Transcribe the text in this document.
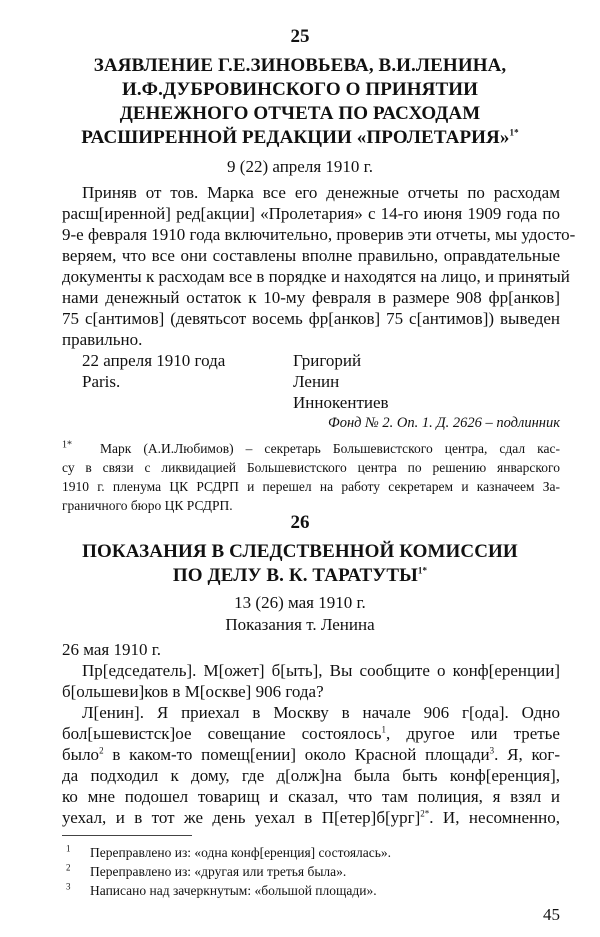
25
ЗАЯВЛЕНИЕ Г.Е.ЗИНОВЬЕВА, В.И.ЛЕНИНА,
И.Ф.ДУБРОВИНСКОГО О ПРИНЯТИИ
ДЕНЕЖНОГО ОТЧЕТА ПО РАСХОДАМ
РАСШИРЕННОЙ РЕДАКЦИИ «ПРОЛЕТАРИЯ»$^{1*}$
9 (22) апреля 1910 г.
Приняв от тов. Марка все его денежные отчеты по расходам
расш[иренной] ред[акции] «Пролетария» с 14-го июня 1909 года по
9-е февраля 1910 года включительно, проверив эти отчеты, мы удосто-
веряем, что все они составлены вполне правильно, оправдательные
документы к расходам все в порядке и находятся на лицо, и принятый
нами денежный остаток к 10-му февраля в размере 908 фр[анков]
75 с[антимов] (девятьсот восемь фр[анков] 75 с[антимов]) выведен
правильно.
22 апреля 1910 года
Paris.
Григорий
Ленин
Иннокентиев
Фонд № 2. Оп. 1. Д. 2626 – подлинник
$^{1*}$ Марк (А.И.Любимов) – секретарь Большевистского центра, сдал кас-
су в связи с ликвидацией Большевистского центра по решению январского
1910 г. пленума ЦК РСДРП и перешел на работу секретарем и казначеем За-
граничного бюро ЦК РСДРП.
26
ПОКАЗАНИЯ В СЛЕДСТВЕННОЙ КОМИССИИ
ПО ДЕЛУ В. К. $ТАРАТУТЫ^{1*}$
13 (26) мая 1910 г.
Показания т. Ленина
26 мая 1910 г.
Пр[едседатель]. М[ожет] б[ыть], Вы сообщите о конф[еренции]
б[ольшеви]ков в М[оскве] 906 года?
Л[енин]. Я приехал в Москву в начале 906 г[ода]. Одно
бол[ьшевистск]ое совещание состоялось$^1$, другое или третье
было$^2$ в каком-то помещ[ении] около Красной площади$^3$. Я, ког-
да подходил к дому, где д[олж]на была быть конф[еренция],
ко мне подошел товарищ и сказал, что там полиция, я взял и
уехал, и в тот же день уехал в П[етер]б[ург]$^{2*}$. И, несомненно,
$^1$ Переправлено из: «одна конф[еренция] состоялась».
$^2$ Переправлено из: «другая или третья была».
$^3$ Написано над зачеркнутым: «большой площади».
45
